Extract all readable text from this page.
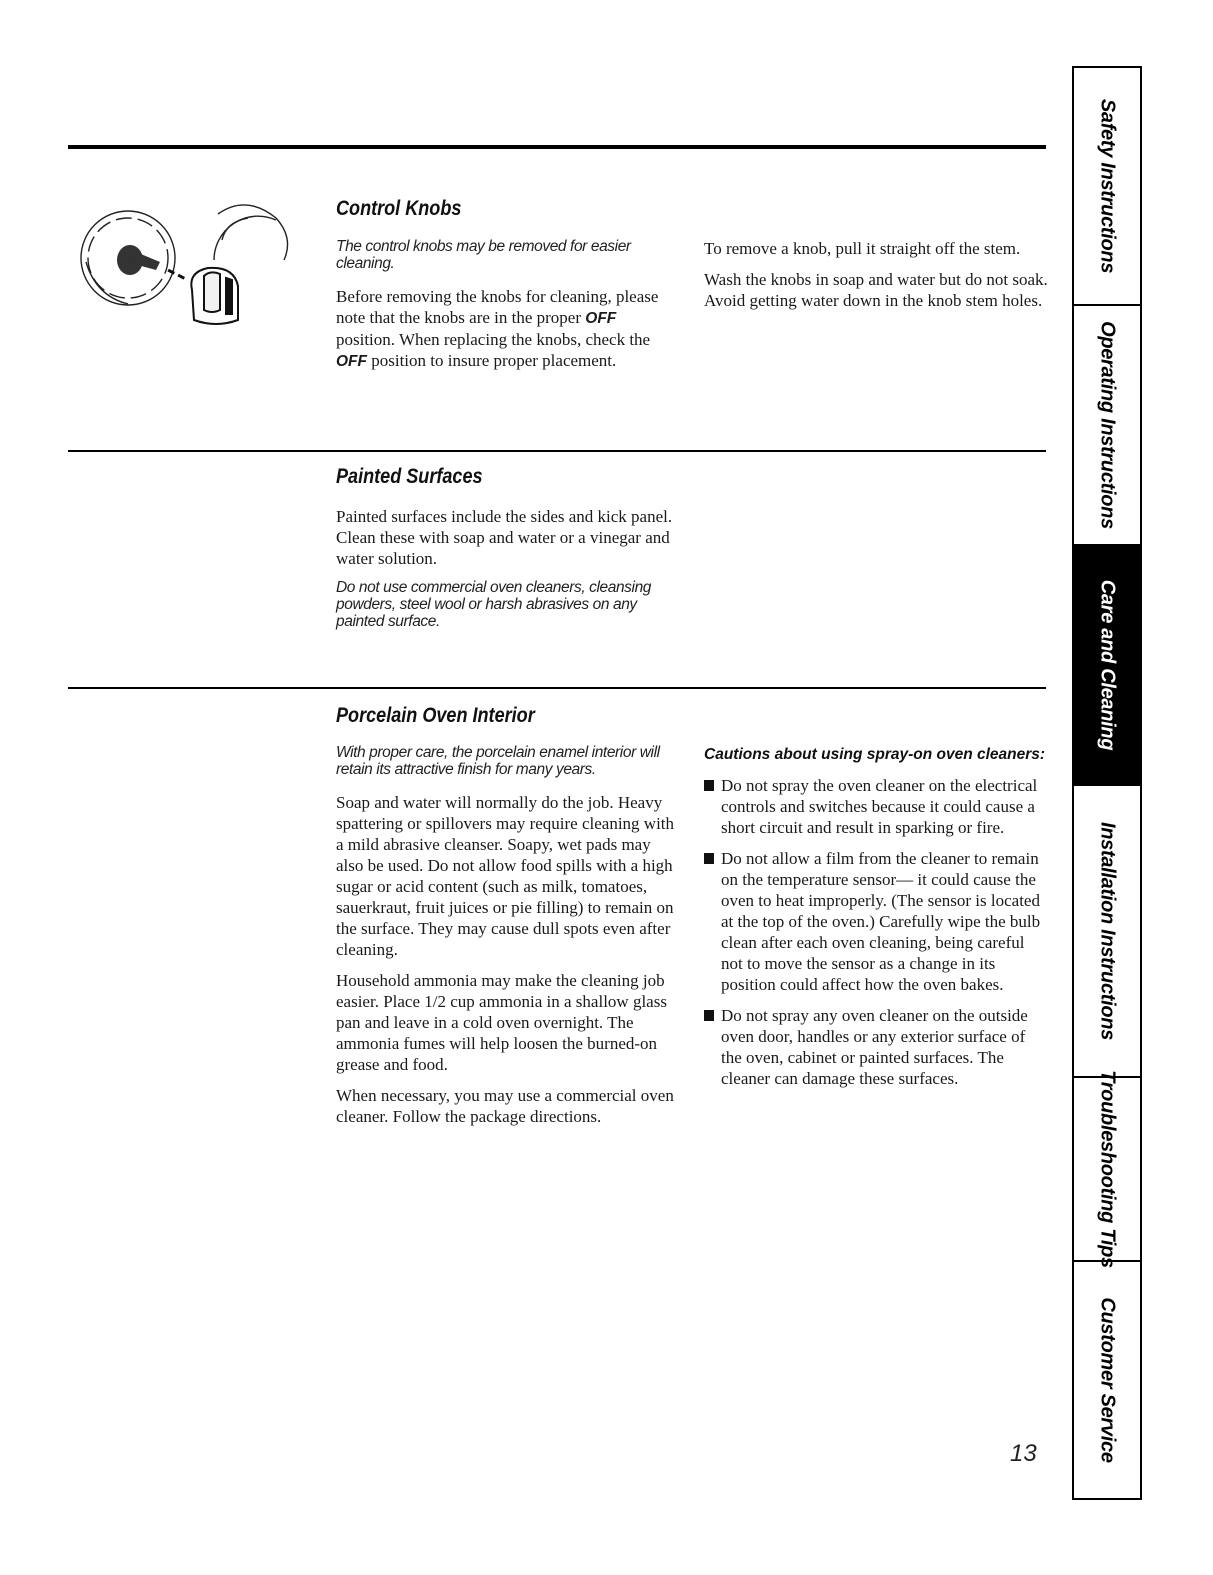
Control Knobs

The control knobs may be removed for easier cleaning.

Before removing the knobs for cleaning, please note that the knobs are in the proper OFF position. When replacing the knobs, check the OFF position to insure proper placement.

To remove a knob, pull it straight off the stem.

Wash the knobs in soap and water but do not soak. Avoid getting water down in the knob stem holes.

Painted Surfaces

Painted surfaces include the sides and kick panel. Clean these with soap and water or a vinegar and water solution.

Do not use commercial oven cleaners, cleansing powders, steel wool or harsh abrasives on any painted surface.

Porcelain Oven Interior

With proper care, the porcelain enamel interior will retain its attractive finish for many years.

Soap and water will normally do the job. Heavy spattering or spillovers may require cleaning with a mild abrasive cleanser. Soapy, wet pads may also be used. Do not allow food spills with a high sugar or acid content (such as milk, tomatoes, sauerkraut, fruit juices or pie filling) to remain on the surface. They may cause dull spots even after cleaning.

Household ammonia may make the cleaning job easier. Place 1/2 cup ammonia in a shallow glass pan and leave in a cold oven overnight. The ammonia fumes will help loosen the burned-on grease and food.

When necessary, you may use a commercial oven cleaner. Follow the package directions.

Cautions about using spray-on oven cleaners:

Do not spray the oven cleaner on the electrical controls and switches because it could cause a short circuit and result in sparking or fire.
Do not allow a film from the cleaner to remain on the temperature sensor— it could cause the oven to heat improperly. (The sensor is located at the top of the oven.) Carefully wipe the bulb clean after each oven cleaning, being careful not to move the sensor as a change in its position could affect how the oven bakes.
Do not spray any oven cleaner on the outside oven door, handles or any exterior surface of the oven, cabinet or painted surfaces. The cleaner can damage these surfaces.
Safety Instructions
Operating Instructions
Care and Cleaning
Installation Instructions
Troubleshooting Tips
Customer Service
13
